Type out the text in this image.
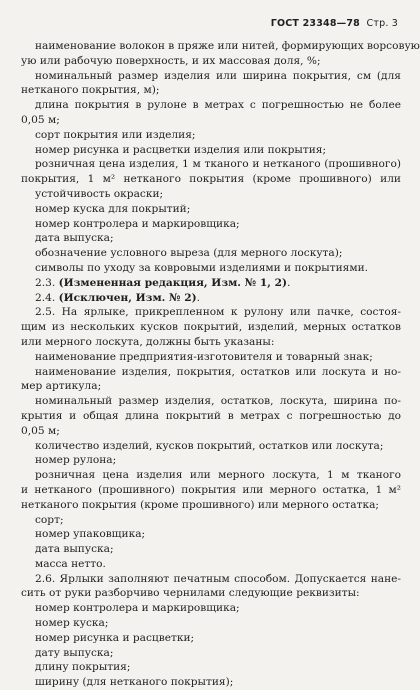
ГОСТ 23348—78 Стр. 3
наименование волокон в пряже или нитей, формирующих ворсовую
ую или рабочую поверхность, и их массовая доля, %;
номинальный размер изделия или ширина покрытия, см (для
нетканого покрытия, м);
длина покрытия в рулоне в метрах с погрешностью не более
0,05 м;
сорт покрытия или изделия;
номер рисунка и расцветки изделия или покрытия;
розничная цена изделия, 1 м тканого и нетканого (прошивного)
покрытия, 1 м² нетканого покрытия (кроме прошивного) или
устойчивость окраски;
номер куска для покрытий;
номер контролера и маркировщика;
дата выпуска;
обозначение условного выреза (для мерного лоскута);
символы по уходу за ковровыми изделиями и покрытиями.
2.3. (Измененная редакция, Изм. № 1, 2).
2.4. (Исключен, Изм. № 2).
2.5. На ярлыке, прикрепленном к рулону или пачке, состоя-
щим из нескольких кусков покрытий, изделий, мерных остатков
или мерного лоскута, должны быть указаны:
наименование предприятия-изготовителя и товарный знак;
наименование изделия, покрытия, остатков или лоскута и но-
мер артикула;
номинальный размер изделия, остатков, лоскута, ширина по-
крытия и общая длина покрытий в метрах с погрешностью до
0,05 м;
количество изделий, кусков покрытий, остатков или лоскута;
номер рулона;
розничная цена изделия или мерного лоскута, 1 м тканого
и нетканого (прошивного) покрытия или мерного остатка, 1 м²
нетканого покрытия (кроме прошивного) или мерного остатка;
сорт;
номер упаковщика;
дата выпуска;
масса нетто.
2.6. Ярлыки заполняют печатным способом. Допускается нане-
сить от руки разборчиво чернилами следующие реквизиты:
номер контролера и маркировщика;
номер куска;
номер рисунка и расцветки;
дату выпуска;
длину покрытия;
ширину (для нетканого покрытия);
